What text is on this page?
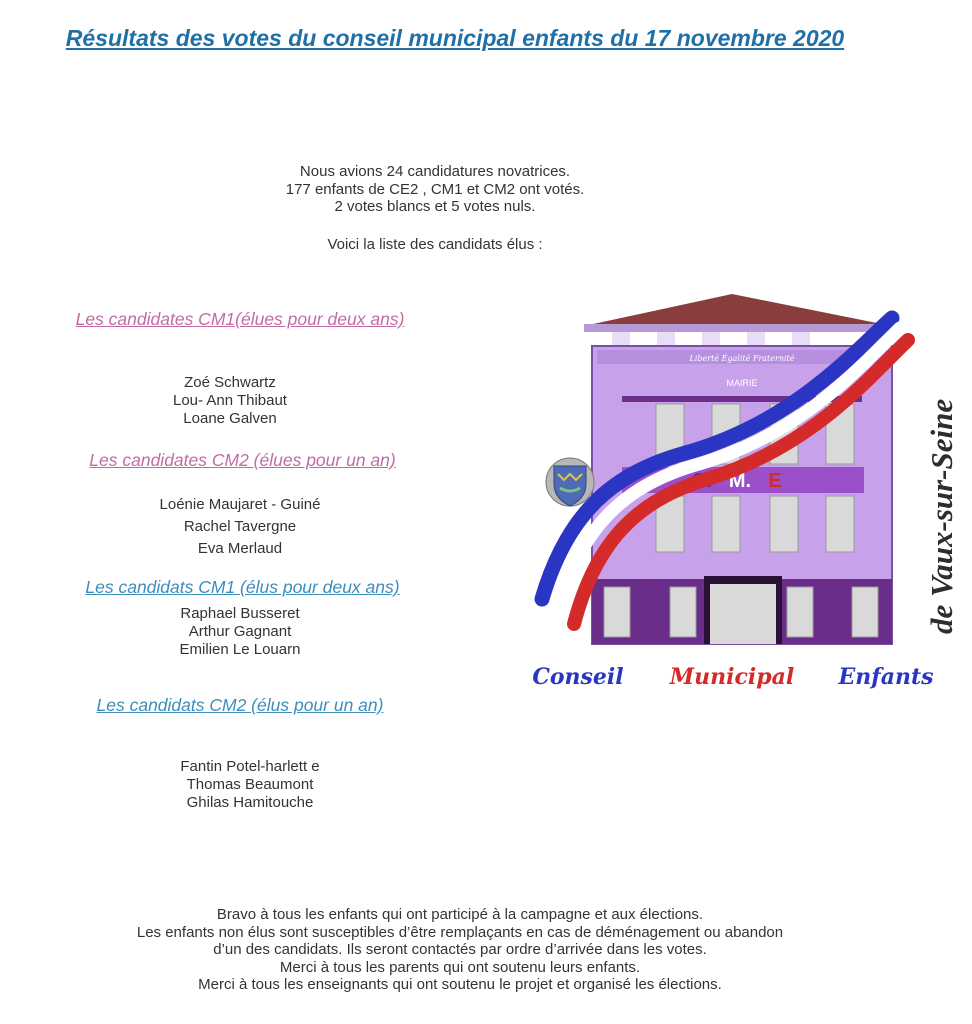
Résultats des votes du conseil municipal enfants du 17 novembre 2020
Nous avions 24 candidatures novatrices.
177 enfants de CE2 , CM1 et CM2 ont votés.
2 votes blancs et 5 votes nuls.
Voici la liste des candidats élus :
Les candidates CM1(élues pour deux ans)
Zoé Schwartz
Lou- Ann Thibaut
Loane Galven
Les candidates CM2 (élues pour un an)
Loénie Maujaret - Guiné
Rachel Tavergne
Eva Merlaud
Les candidats CM1 (élus pour deux ans)
Raphael Busseret
Arthur Gagnant
Emilien Le Louarn
Les candidats CM2 (élus pour un an)
Fantin Potel-harlett e
Thomas Beaumont
Ghilas Hamitouche
Liberté Égalité Fraternité
MAIRIE
C. M. E	de Vaux-sur-Seine
Conseil Municipal Enfants
Bravo à tous les enfants qui ont participé à la campagne et aux élections.
Les enfants non élus sont susceptibles d’être remplaçants en cas de déménagement ou abandon
d’un des candidats. Ils seront contactés par ordre d’arrivée dans les votes.
Merci à tous les parents qui ont soutenu leurs enfants.
Merci à tous les enseignants qui ont soutenu le projet et organisé les élections.
